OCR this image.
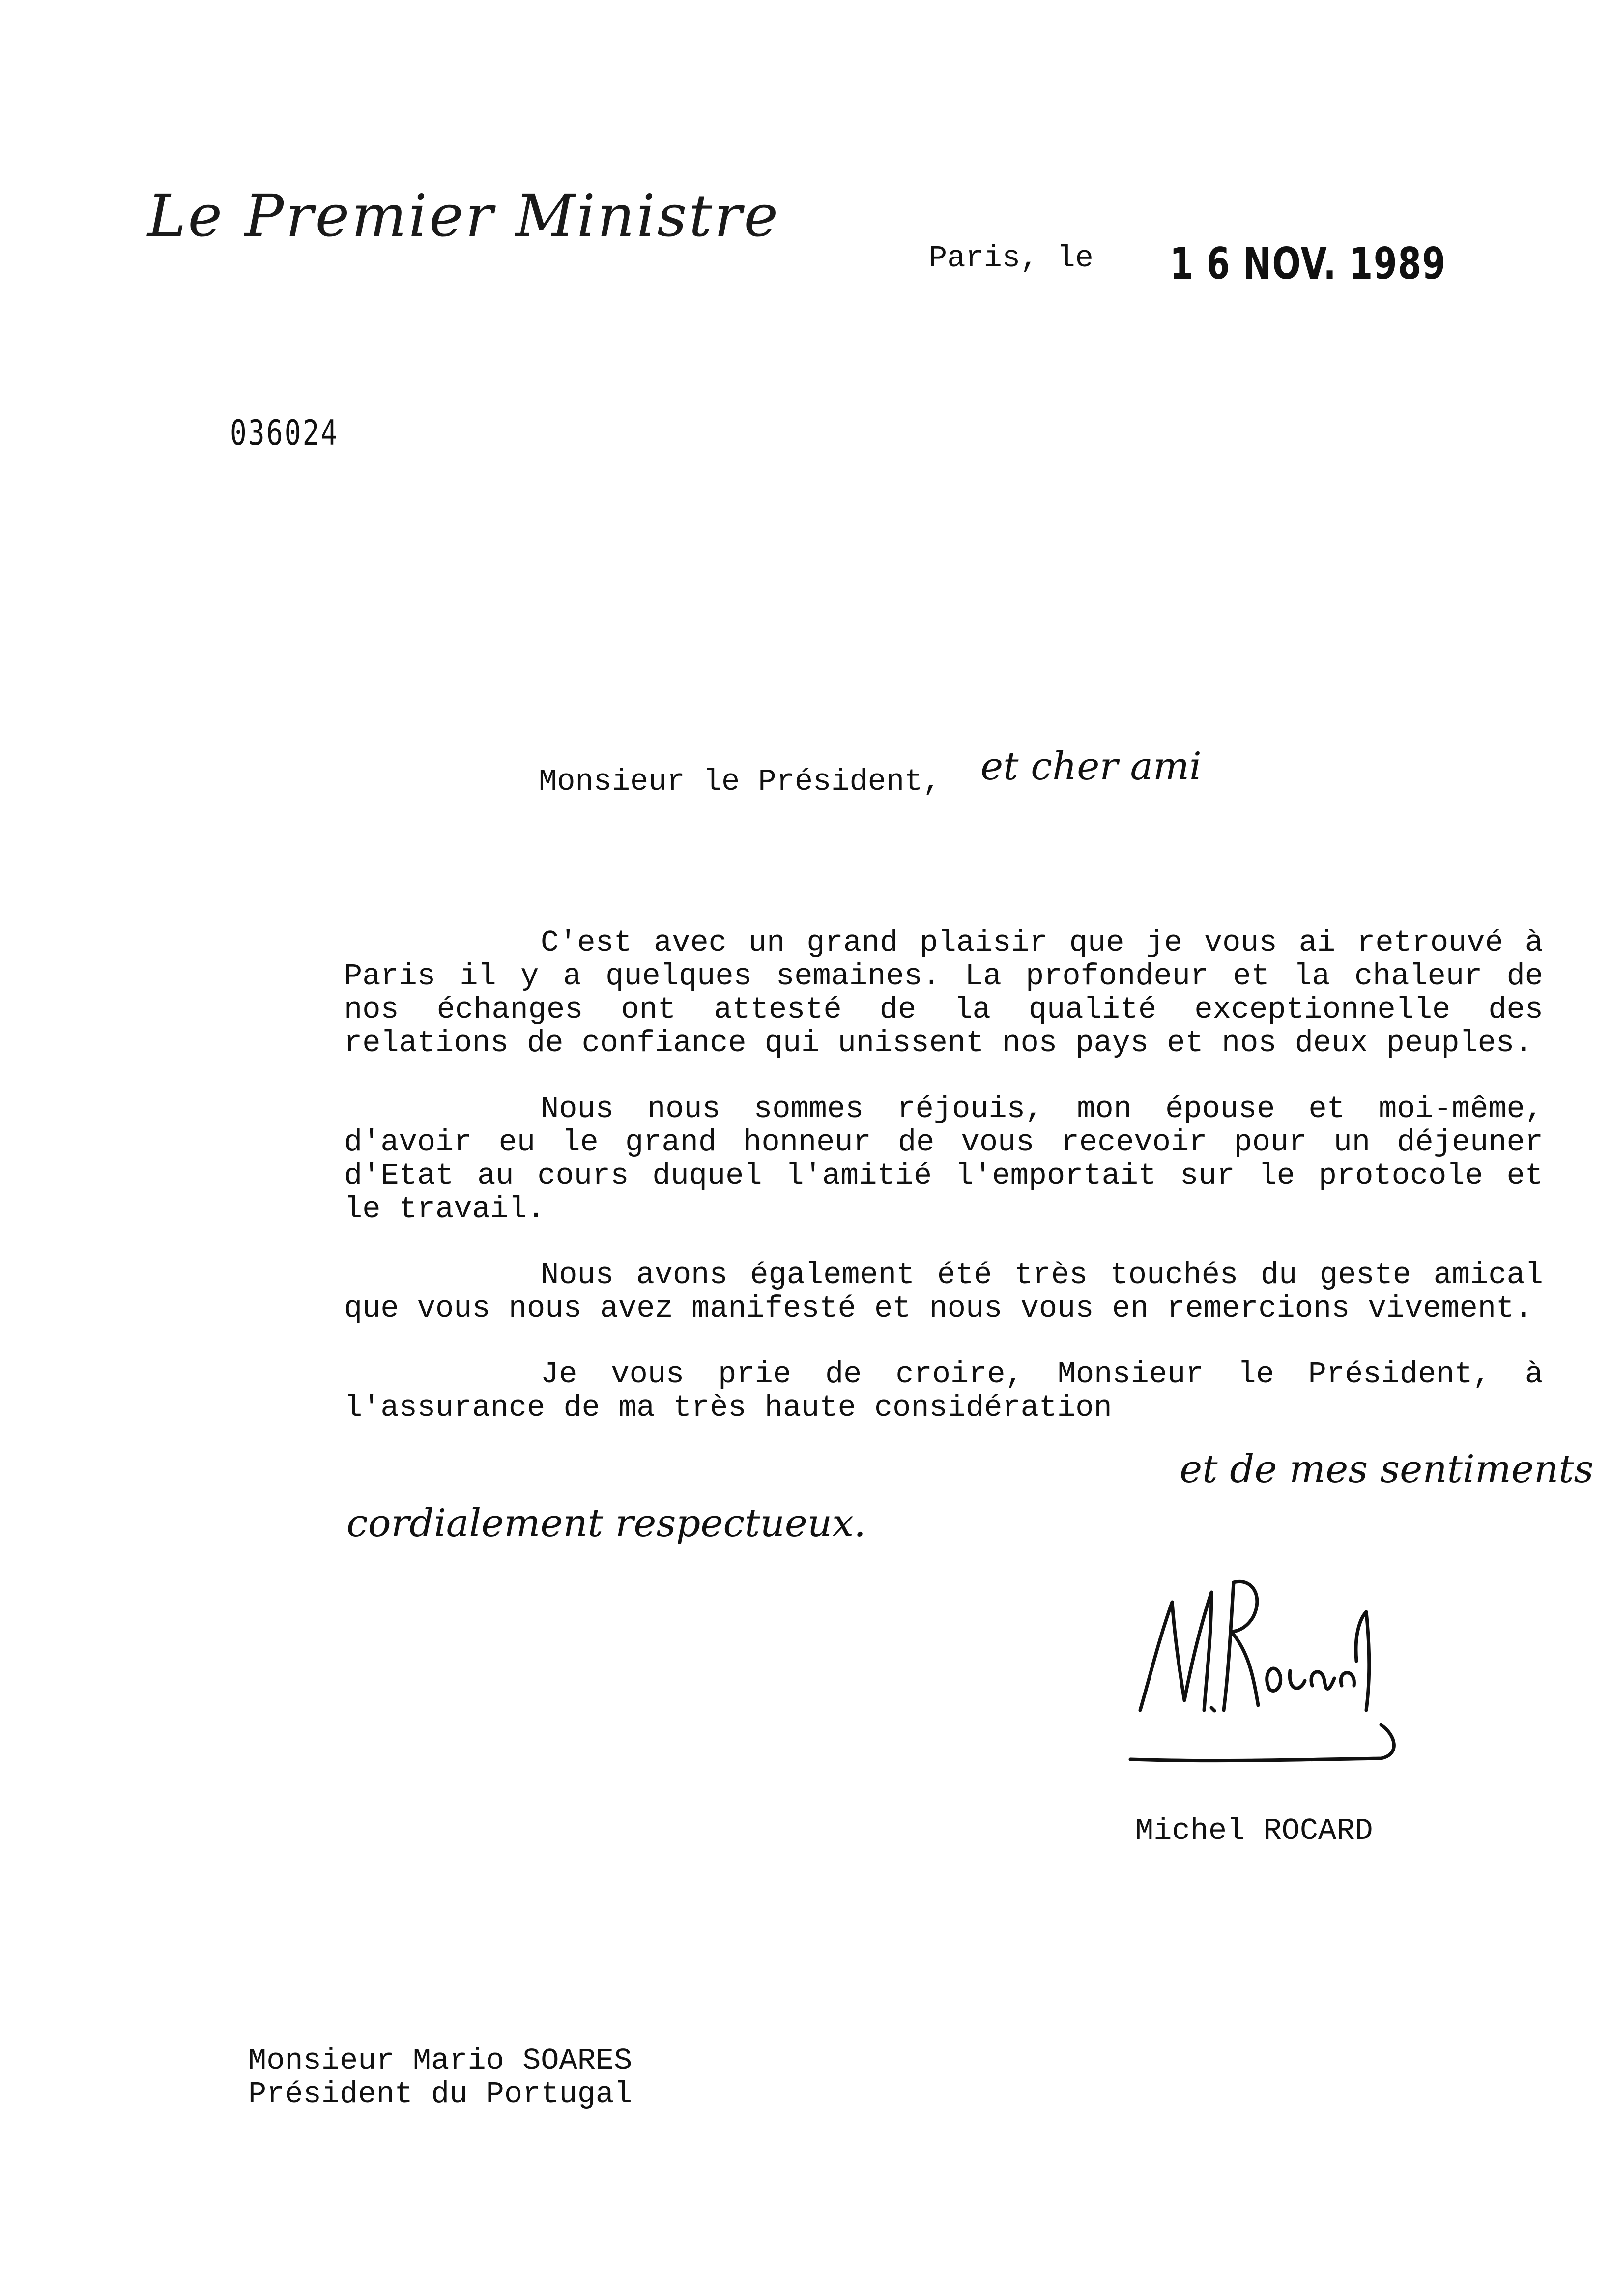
Le Premier Ministre
Paris, le 1 6 NOV. 1989
036024
Monsieur le Président, et cher ami

C'est avec un grand plaisir que je vous ai retrouvé à Paris il y a quelques semaines. La profondeur et la chaleur de nos échanges ont attesté de la qualité exceptionnelle des relations de confiance qui unissent nos pays et nos deux peuples.

Nous nous sommes réjouis, mon épouse et moi-même, d'avoir eu le grand honneur de vous recevoir pour un déjeuner d'Etat au cours duquel l'amitié l'emportait sur le protocole et le travail.

Nous avons également été très touchés du geste amical que vous nous avez manifesté et nous vous en remercions vivement.

Je vous prie de croire, Monsieur le Président, à l'assurance de ma très haute considération

et de mes sentiments
cordialement respectueux.
Michel ROCARD
Monsieur Mario SOARES
Président du Portugal
